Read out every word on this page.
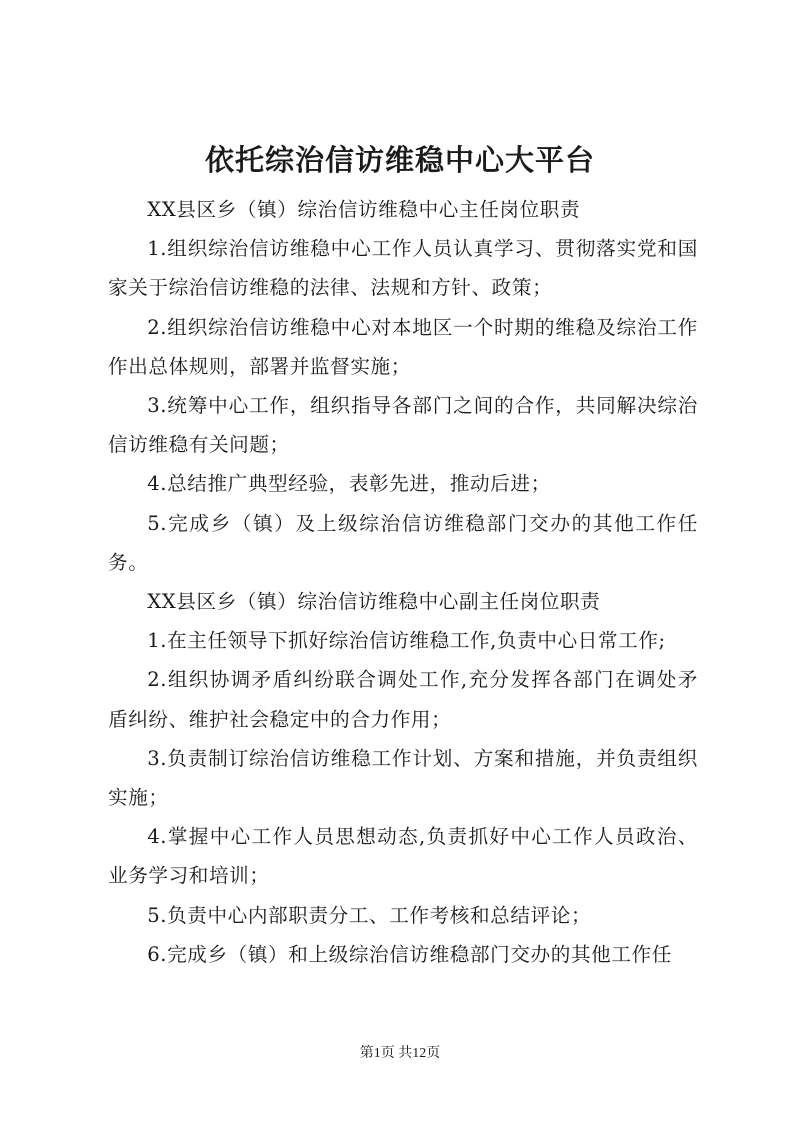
依托综治信访维稳中心大平台

XX县区乡（镇）综治信访维稳中心主任岗位职责

1.组织综治信访维稳中心工作人员认真学习、贯彻落实党和国家关于综治信访维稳的法律、法规和方针、政策；

2.组织综治信访维稳中心对本地区一个时期的维稳及综治工作作出总体规则，部署并监督实施；

3.统筹中心工作，组织指导各部门之间的合作，共同解决综治信访维稳有关问题；

4.总结推广典型经验，表彰先进，推动后进；

5.完成乡（镇）及上级综治信访维稳部门交办的其他工作任务。

XX县区乡（镇）综治信访维稳中心副主任岗位职责

1.在主任领导下抓好综治信访维稳工作,负责中心日常工作;

2.组织协调矛盾纠纷联合调处工作,充分发挥各部门在调处矛盾纠纷、维护社会稳定中的合力作用；

3.负责制订综治信访维稳工作计划、方案和措施，并负责组织实施；

4.掌握中心工作人员思想动态,负责抓好中心工作人员政治、业务学习和培训；

5.负责中心内部职责分工、工作考核和总结评论；

6.完成乡（镇）和上级综治信访维稳部门交办的其他工作任

第1页 共12页
